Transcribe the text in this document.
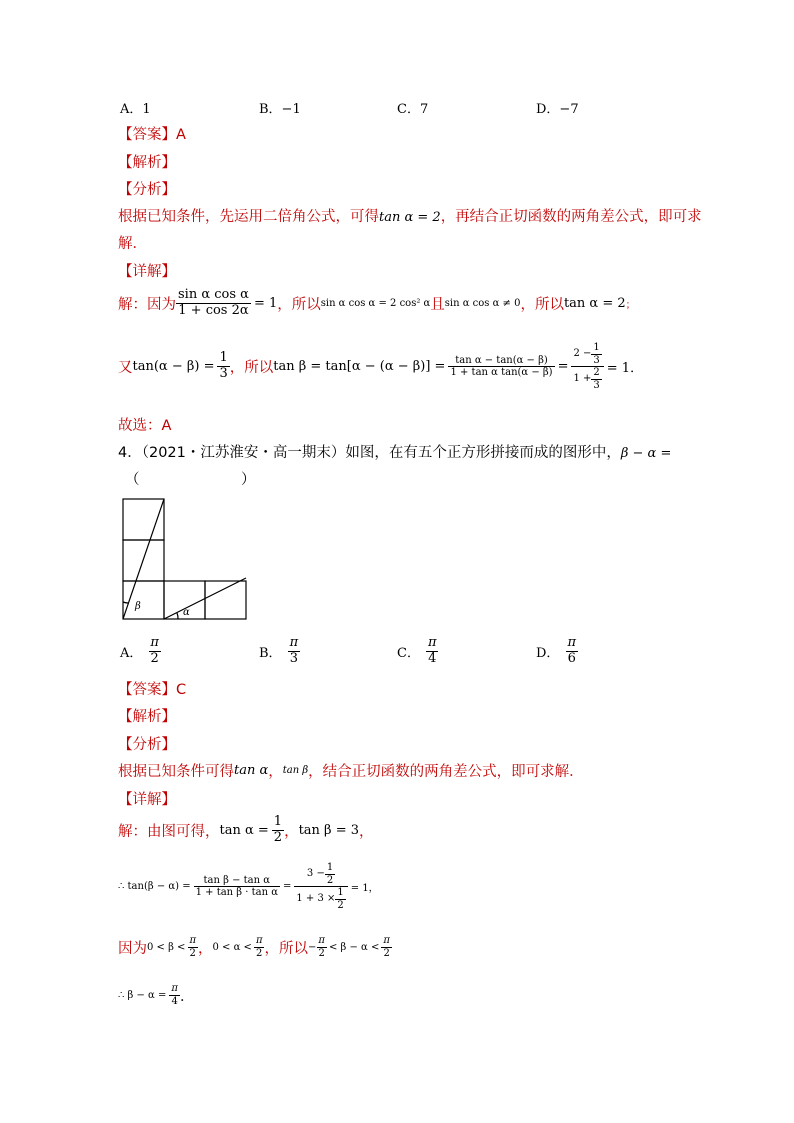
A．1	B．−1	C．7	D．−7
【答案】A
【解析】
【分析】
根据已知条件，先运用二倍角公式，可得tan α = 2，再结合正切函数的两角差公式，即可求
解．
【详解】
解：因为 $\frac{\text{sin α cos α}}{1 + \cos 2\alpha} = 1$ ，所以 sin α cos α = 2 cos² α 且 sin α cos α ≠ 0 ，所以 tan α = 2 ；
又 $\tan(\alpha - \beta) = \frac{1}{3}$ ，所以 $\tan \beta = \tan[\alpha - (\alpha - \beta)] = \frac{\text{tan α − tan(α − β)}}{\text{1 + tan α tan(α − β)}} = \frac{2 - \frac{1}{3}}{1 + \frac{2}{3}} = 1$．
故选：A
4．（2021・江苏淮安・高一期末）如图，在有五个正方形拼接而成的图形中，β − α =
（　　　　　　　）
β
α
A． $\frac{\pi}{2}$	B． $\frac{\pi}{3}$	C． $\frac{\pi}{4}$	D． $\frac{\pi}{6}$
【答案】C
【解析】
【分析】
根据已知条件可得 tan α ， tan β ，结合正切函数的两角差公式，即可求解．
【详解】
解：由图可得， $\tan \alpha = \frac{1}{2}$ ， tan β = 3 ，
∴ $\tan(\beta - \alpha) = \frac{\text{tan β − tan α}}{\text{1 + tan β · tan α}} = \frac{3 - \frac{1}{2}}{1 + 3 \times \frac{1}{2}} = 1$，
因为 $0 < \beta < \frac{\pi}{2}$ ， $0 < \alpha < \frac{\pi}{2}$ ，所以 − $\frac{\pi}{2} < \beta - \alpha < \frac{\pi}{2}$
∴ $\beta - \alpha = \frac{\pi}{4}$ ．
